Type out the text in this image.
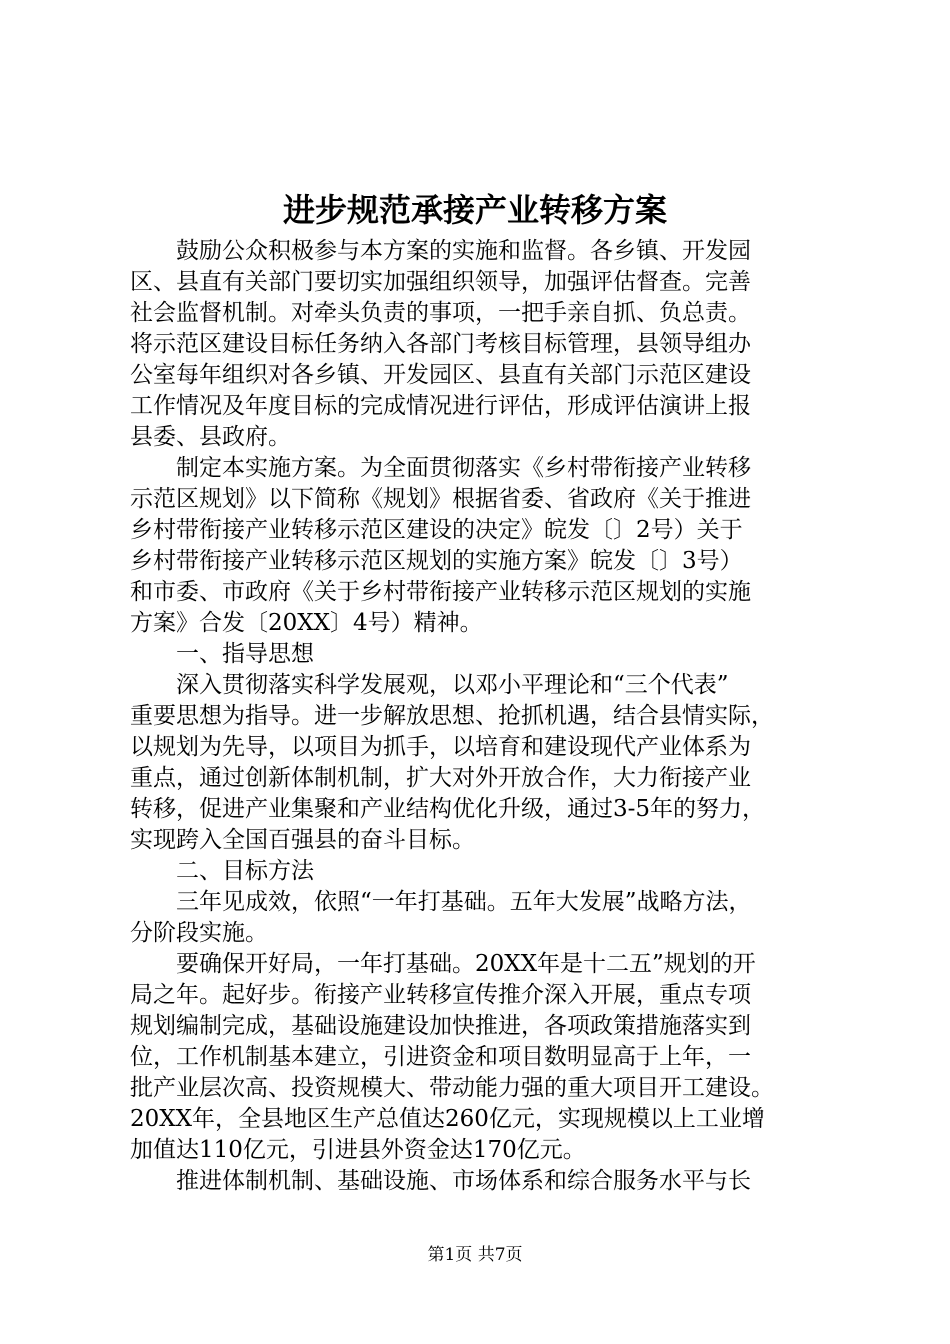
进步规范承接产业转移方案
　　鼓励公众积极参与本方案的实施和监督。各乡镇、开发园
区、县直有关部门要切实加强组织领导，加强评估督查。完善
社会监督机制。对牵头负责的事项，一把手亲自抓、负总责。
将示范区建设目标任务纳入各部门考核目标管理，县领导组办
公室每年组织对各乡镇、开发园区、县直有关部门示范区建设
工作情况及年度目标的完成情况进行评估，形成评估演讲上报
县委、县政府。
　　制定本实施方案。为全面贯彻落实《乡村带衔接产业转移
示范区规划》以下简称《规划》根据省委、省政府《关于推进
乡村带衔接产业转移示范区建设的决定》皖发〔〕2号）关于
乡村带衔接产业转移示范区规划的实施方案》皖发〔〕3号）
和市委、市政府《关于乡村带衔接产业转移示范区规划的实施
方案》合发〔20XX〕4号）精神。
　　一、指导思想
　　深入贯彻落实科学发展观，以邓小平理论和“三个代表”
重要思想为指导。进一步解放思想、抢抓机遇，结合县情实际，
以规划为先导，以项目为抓手，以培育和建设现代产业体系为
重点，通过创新体制机制，扩大对外开放合作，大力衔接产业
转移，促进产业集聚和产业结构优化升级，通过3-5年的努力，
实现跨入全国百强县的奋斗目标。
　　二、目标方法
　　三年见成效，依照“一年打基础。五年大发展”战略方法，
分阶段实施。
　　要确保开好局，一年打基础。20XX年是十二五”规划的开
局之年。起好步。衔接产业转移宣传推介深入开展，重点专项
规划编制完成，基础设施建设加快推进，各项政策措施落实到
位，工作机制基本建立，引进资金和项目数明显高于上年，一
批产业层次高、投资规模大、带动能力强的重大项目开工建设。
20XX年，全县地区生产总值达260亿元，实现规模以上工业增
加值达110亿元，引进县外资金达170亿元。
　　推进体制机制、基础设施、市场体系和综合服务水平与长
第1页 共7页
